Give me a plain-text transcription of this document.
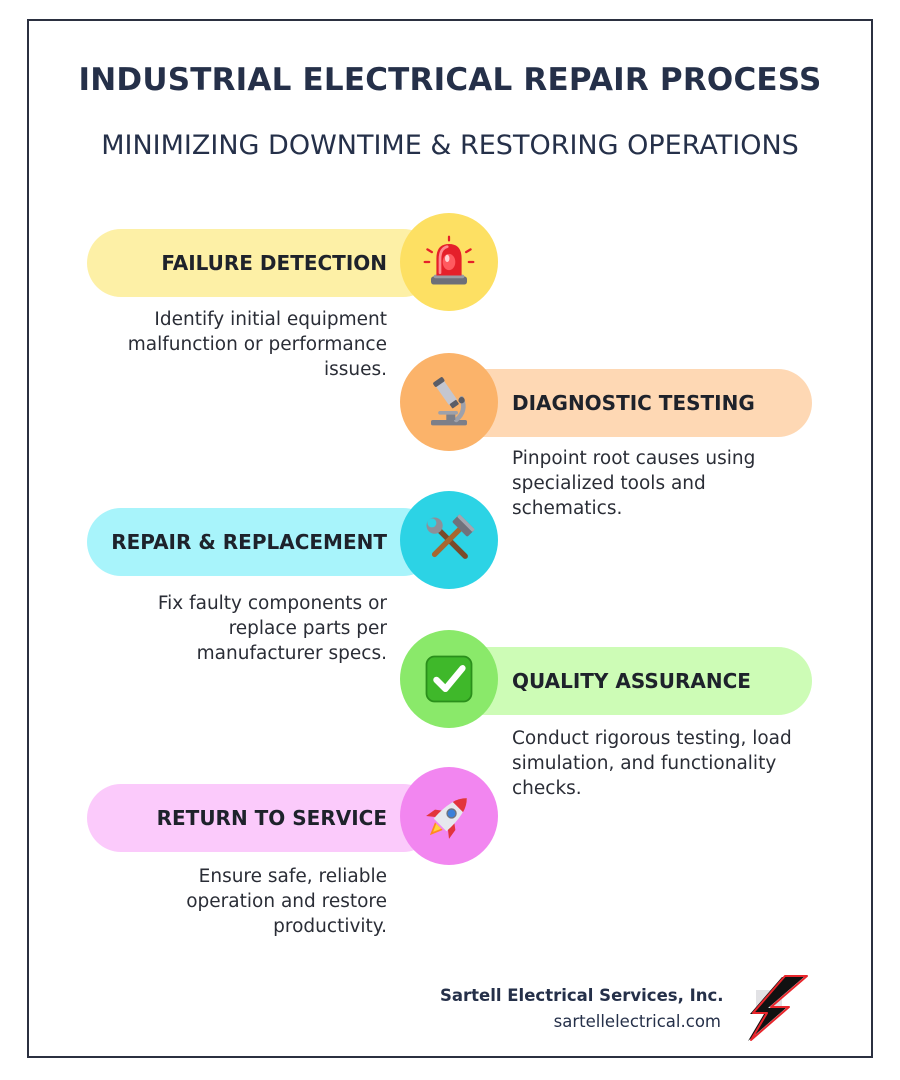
INDUSTRIAL ELECTRICAL REPAIR PROCESS
MINIMIZING DOWNTIME & RESTORING OPERATIONS
FAILURE DETECTION

Identify initial equipment malfunction or performance issues.

DIAGNOSTIC TESTING

Pinpoint root causes using specialized tools and schematics.

REPAIR & REPLACEMENT

Fix faulty components or replace parts per manufacturer specs.

QUALITY ASSURANCE

Conduct rigorous testing, load simulation, and functionality checks.

RETURN TO SERVICE

Ensure safe, reliable operation and restore productivity.

Sartell Electrical Services, Inc.
sartellelectrical.com
